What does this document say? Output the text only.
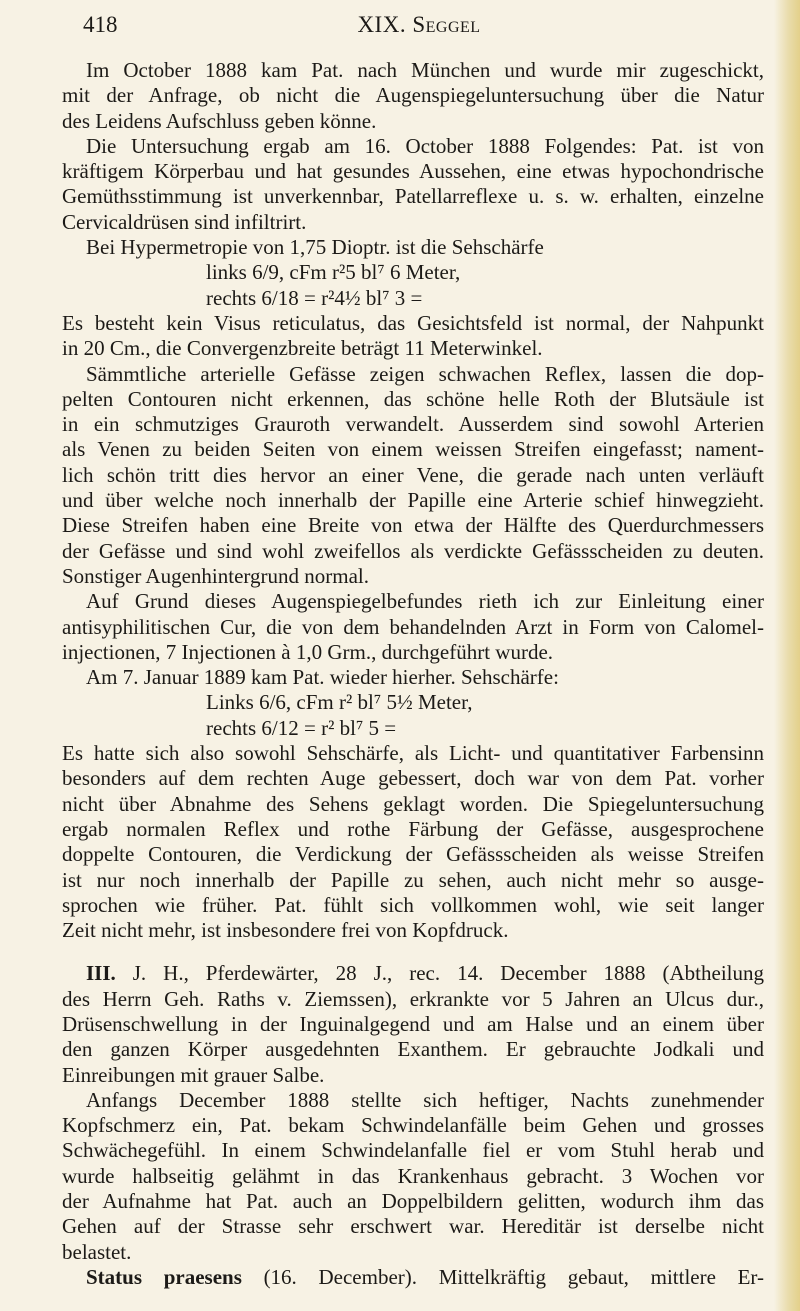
418	XIX. Seggel
Im October 1888 kam Pat. nach München und wurde mir zugeschickt,
mit der Anfrage, ob nicht die Augenspiegeluntersuchung über die Natur
des Leidens Aufschluss geben könne.
Die Untersuchung ergab am 16. October 1888 Folgendes: Pat. ist von
kräftigem Körperbau und hat gesundes Aussehen, eine etwas hypochondrische
Gemüthsstimmung ist unverkennbar, Patellarreflexe u. s. w. erhalten, einzelne
Cervicaldrüsen sind infiltrirt.
Bei Hypermetropie von 1,75 Dioptr. ist die Sehschärfe
links 6/9, cFm r²5 bl⁷ 6 Meter,
rechts 6/18 = r²4½ bl⁷ 3 =
Es besteht kein Visus reticulatus, das Gesichtsfeld ist normal, der Nahpunkt
in 20 Cm., die Convergenzbreite beträgt 11 Meterwinkel.
Sämmtliche arterielle Gefässe zeigen schwachen Reflex, lassen die dop-
pelten Contouren nicht erkennen, das schöne helle Roth der Blutsäule ist
in ein schmutziges Grauroth verwandelt. Ausserdem sind sowohl Arterien
als Venen zu beiden Seiten von einem weissen Streifen eingefasst; nament-
lich schön tritt dies hervor an einer Vene, die gerade nach unten verläuft
und über welche noch innerhalb der Papille eine Arterie schief hinwegzieht.
Diese Streifen haben eine Breite von etwa der Hälfte des Querdurchmessers
der Gefässe und sind wohl zweifellos als verdickte Gefässscheiden zu deuten.
Sonstiger Augenhintergrund normal.
Auf Grund dieses Augenspiegelbefundes rieth ich zur Einleitung einer
antisyphilitischen Cur, die von dem behandelnden Arzt in Form von Calomel-
injectionen, 7 Injectionen à 1,0 Grm., durchgeführt wurde.
Am 7. Januar 1889 kam Pat. wieder hierher. Sehschärfe:
Links 6/6, cFm r² bl⁷ 5½ Meter,
rechts 6/12 = r² bl⁷ 5 =
Es hatte sich also sowohl Sehschärfe, als Licht- und quantitativer Farbensinn
besonders auf dem rechten Auge gebessert, doch war von dem Pat. vorher
nicht über Abnahme des Sehens geklagt worden. Die Spiegeluntersuchung
ergab normalen Reflex und rothe Färbung der Gefässe, ausgesprochene
doppelte Contouren, die Verdickung der Gefässscheiden als weisse Streifen
ist nur noch innerhalb der Papille zu sehen, auch nicht mehr so ausge-
sprochen wie früher. Pat. fühlt sich vollkommen wohl, wie seit langer
Zeit nicht mehr, ist insbesondere frei von Kopfdruck.
III. J. H., Pferdewärter, 28 J., rec. 14. December 1888 (Abtheilung
des Herrn Geh. Raths v. Ziemssen), erkrankte vor 5 Jahren an Ulcus dur.,
Drüsenschwellung in der Inguinalgegend und am Halse und an einem über
den ganzen Körper ausgedehnten Exanthem. Er gebrauchte Jodkali und
Einreibungen mit grauer Salbe.
Anfangs December 1888 stellte sich heftiger, Nachts zunehmender
Kopfschmerz ein, Pat. bekam Schwindelanfälle beim Gehen und grosses
Schwächegefühl. In einem Schwindelanfalle fiel er vom Stuhl herab und
wurde halbseitig gelähmt in das Krankenhaus gebracht. 3 Wochen vor
der Aufnahme hat Pat. auch an Doppelbildern gelitten, wodurch ihm das
Gehen auf der Strasse sehr erschwert war. Hereditär ist derselbe nicht
belastet.
Status praesens (16. December). Mittelkräftig gebaut, mittlere Er-
